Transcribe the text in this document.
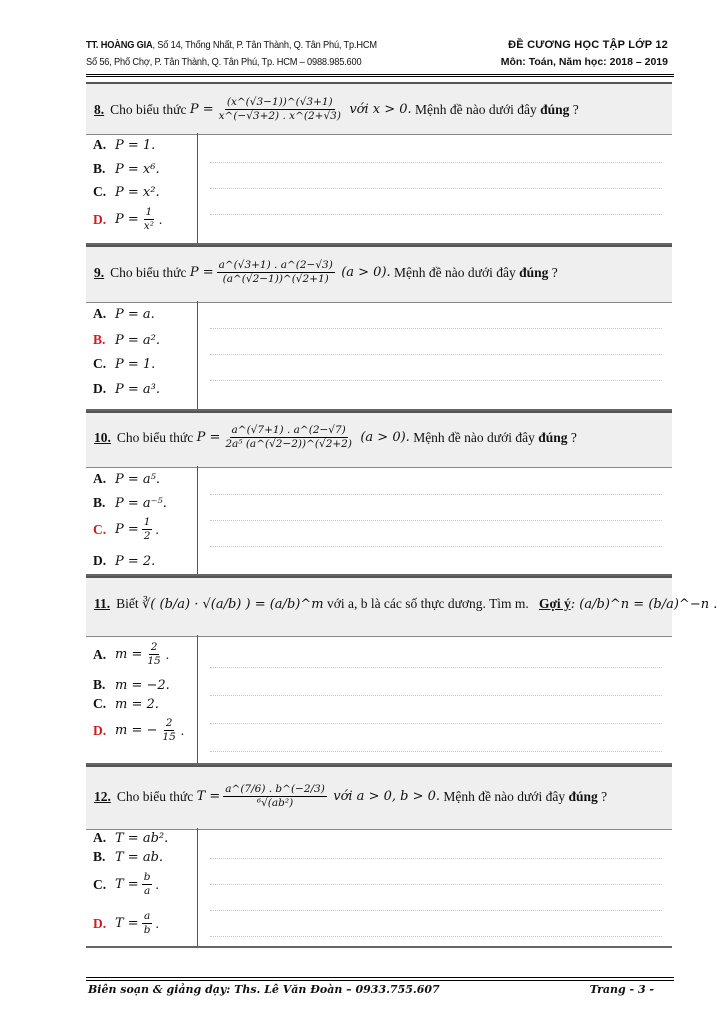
TT. HOÀNG GIA, Số 14, Thống Nhất, P. Tân Thành, Q. Tân Phú, Tp.HCM
Số 56, Phố Chợ, P. Tân Thành, Q. Tân Phú, Tp. HCM – 0988.985.600
ĐỀ CƯƠNG HỌC TẬP LỚP 12
Môn: Toán, Năm học: 2018 – 2019
8. Cho biểu thức
$P = \frac{(x\^{}(√3-1))\^{}(√3+1)}{x\^{}(-√3+2) . x\^{}(2+√3)}$
với x > 0.
Mệnh đề nào dưới đây
đúng
?
A. P = 1.
B. P = x⁶.
C. P = x².
D. $P = \frac{1}{\text{x²}}$ .
9. Cho biểu thức
$P = \frac{a\^{}(√3+1) . a\^{}(2-√3)}{(a\^{}(√2-1))\^{}(√2+1)}$
(a > 0).
Mệnh đề nào dưới đây
đúng
?
A. P = a.
B. P = a².
C. P = 1.
D. P = a³.
10. Cho biểu thức
$P = \frac{a\^{}(√7+1) . a\^{}(2-√7)}{\text{2a⁵ (a\textasciicircum{}(√2−2))\textasciicircum{}(√2+2)}}$
(a > 0).
Mệnh đề nào dưới đây
đúng
?
A. P = a⁵.
B. P = a⁻⁵.
C. $P = \frac{1}{2}$ .
D. P = 2.
11. Biết
∛( (b/a) · √(a/b) ) = (a/b)^m
với a, b là các số thực dương. Tìm m.
Gợi ý : (a/b)^n = (b/a)^−n .
A. $m = \frac{2}{15}$ .
B. m = −2.
C. m = 2.
D. m = − $\frac{2}{15}$ .
12. Cho biểu thức
$T = \frac{a\^{}(7/6) . b\^{}(-2/3)}{\text{⁶√(ab²)}}$
với a > 0, b > 0.
Mệnh đề nào dưới đây
đúng
?
A. T = ab².
B. T = ab.
C. $T = \frac{b}{a}$ .
D. $T = \frac{a}{b}$ .
Biên soạn & giảng dạy: Ths. Lê Văn Đoàn – 0933.755.607	Trang - 3 -
